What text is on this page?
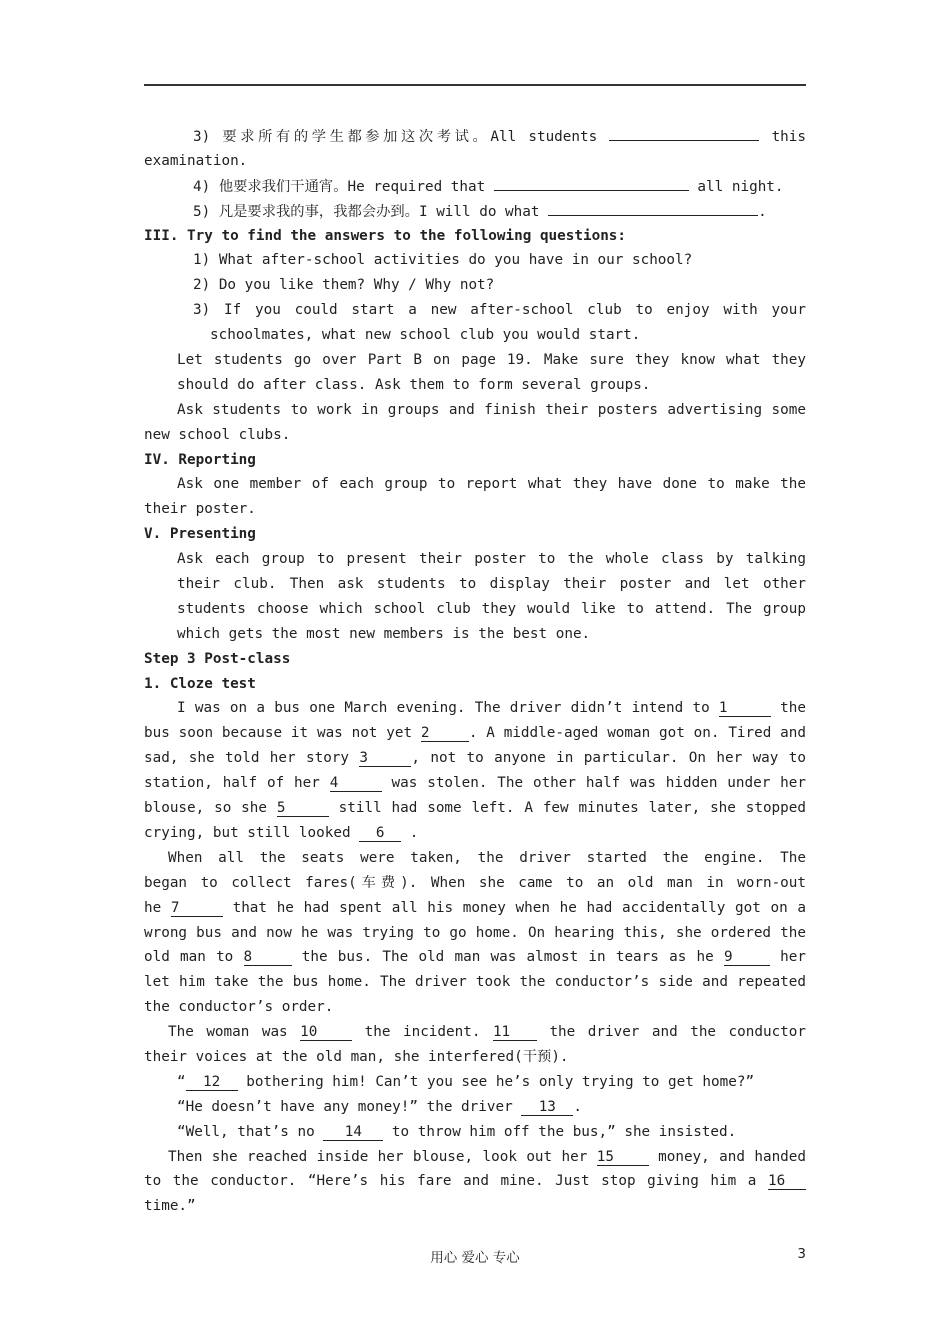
3) 要求所有的学生都参加这次考试。All students	this
examination.
4) 他要求我们干通宵。He required that	all night.
5) 凡是要求我的事，我都会办到。I will do what	.
III. Try to find the answers to the following questions:
1) What after-school activities do you have in our school?
2) Do you like them? Why / Why not?
3) If you could start a new after-school club to enjoy with your
schoolmates, what new school club you would start.
Let students go over Part B on page 19. Make sure they know what they
should do after class. Ask them to form several groups.
Ask students to work in groups and finish their posters advertising some
new school clubs.
IV. Reporting
Ask one member of each group to report what they have done to make the
their poster.
V. Presenting
Ask each group to present their poster to the whole class by talking
their club. Then ask students to display their poster and let other
students choose which school club they would like to attend. The group
which gets the most new members is the best one.
Step 3 Post-class
1. Cloze test
I was on a bus one March evening. The driver didn’t intend to 1	the
bus soon because it was not yet 2	. A middle-aged woman got on. Tired and
sad, she told her story 3	, not to anyone in particular. On her way to
station, half of her 4	was stolen. The other half was hidden under her
blouse, so she 5	still had some left. A few minutes later, she stopped
crying, but still looked 6 .
When all the seats were taken, the driver started the engine. The
began to collect fares(车费). When she came to an old man in worn-out
he 7	that he had spent all his money when he had accidentally got on a
wrong bus and now he was trying to go home. On hearing this, she ordered the
old man to 8	the bus. The old man was almost in tears as he 9	her
let him take the bus home. The driver took the conductor’s side and repeated
the conductor’s order.
The woman was 10 the incident. 11	the driver and the conductor
their voices at the old man, she interfered(干预).
“ 12 bothering him! Can’t you see he’s only trying to get home?”
“He doesn’t have any money!” the driver 13 .
“Well, that’s no 14 to throw him off the bus,” she insisted.
Then she reached inside her blouse, look out her 15	money, and handed
to the conductor. “Here’s his fare and mine. Just stop giving him a 16
time.”
用心 爱心 专心	3
